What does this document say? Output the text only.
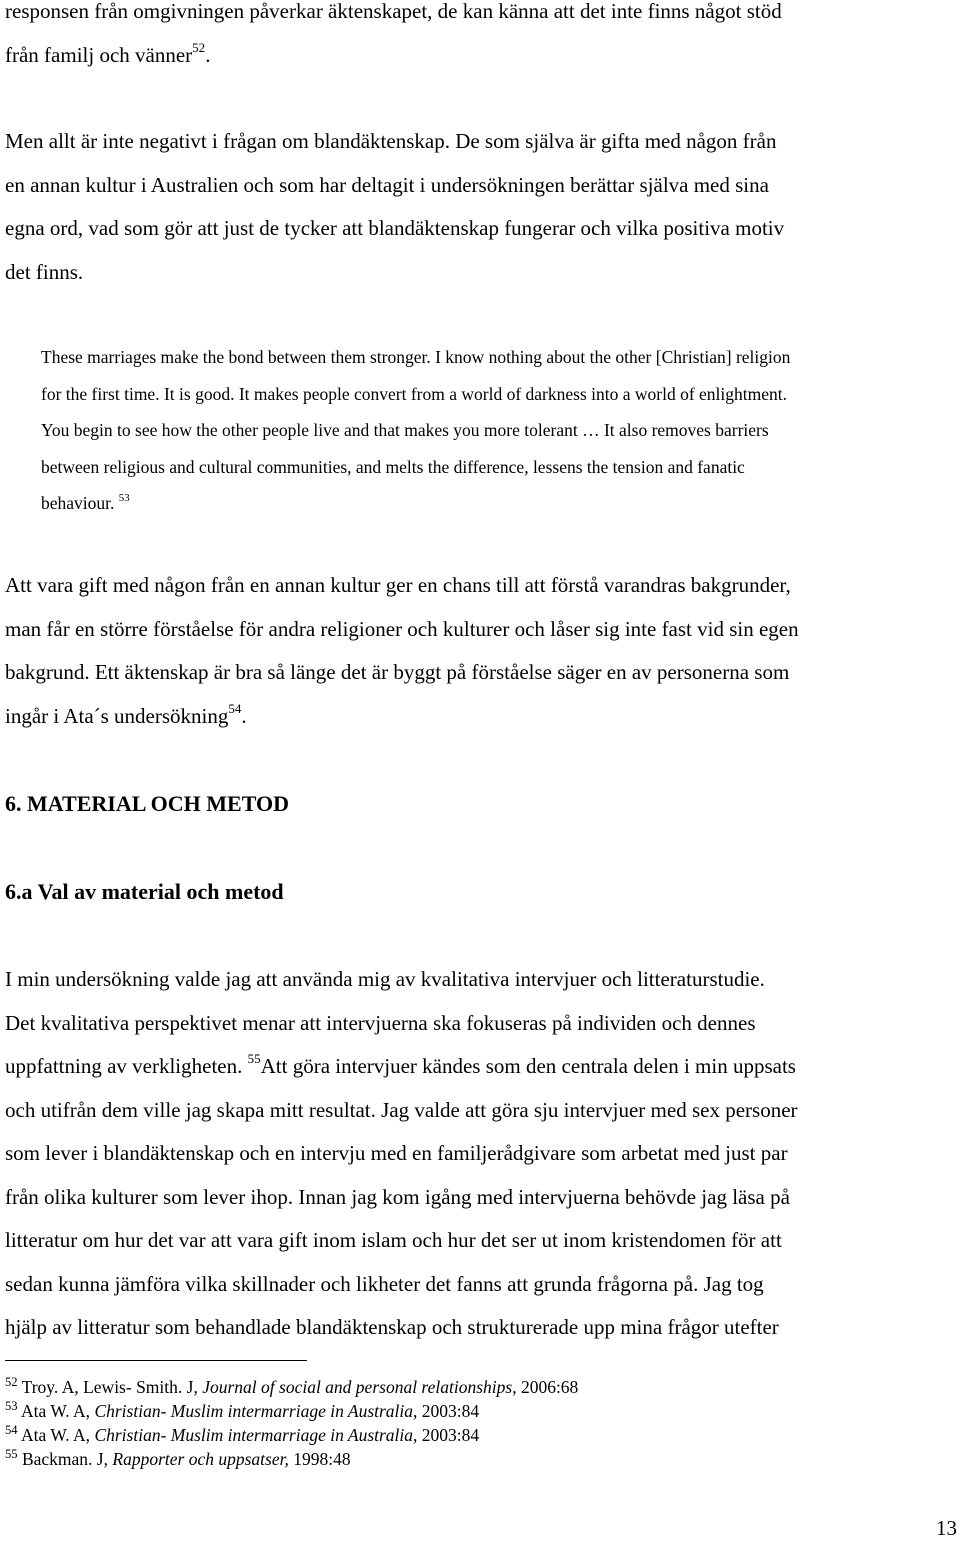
responsen från omgivningen påverkar äktenskapet, de kan känna att det inte finns något stöd
från familj och vänner$^{52}$.
Men allt är inte negativt i frågan om blandäktenskap. De som själva är gifta med någon från
en annan kultur i Australien och som har deltagit i undersökningen berättar själva med sina
egna ord, vad som gör att just de tycker att blandäktenskap fungerar och vilka positiva motiv
det finns.
These marriages make the bond between them stronger. I know nothing about the other [Christian] religion
for the first time. It is good. It makes people convert from a world of darkness into a world of enlightment.
You begin to see how the other people live and that makes you more tolerant … It also removes barriers
between religious and cultural communities, and melts the difference, lessens the tension and fanatic
behaviour. $^{53}$
Att vara gift med någon från en annan kultur ger en chans till att förstå varandras bakgrunder,
man får en större förståelse för andra religioner och kulturer och låser sig inte fast vid sin egen
bakgrund. Ett äktenskap är bra så länge det är byggt på förståelse säger en av personerna som
ingår i Ata´s undersökning$^{54}$.
6. MATERIAL OCH METOD
6.a Val av material och metod
I min undersökning valde jag att använda mig av kvalitativa intervjuer och litteraturstudie.
Det kvalitativa perspektivet menar att intervjuerna ska fokuseras på individen och dennes
uppfattning av verkligheten. $^{55}$Att göra intervjuer kändes som den centrala delen i min uppsats
och utifrån dem ville jag skapa mitt resultat. Jag valde att göra sju intervjuer med sex personer
som lever i blandäktenskap och en intervju med en familjerådgivare som arbetat med just par
från olika kulturer som lever ihop. Innan jag kom igång med intervjuerna behövde jag läsa på
litteratur om hur det var att vara gift inom islam och hur det ser ut inom kristendomen för att
sedan kunna jämföra vilka skillnader och likheter det fanns att grunda frågorna på. Jag tog
hjälp av litteratur som behandlade blandäktenskap och strukturerade upp mina frågor utefter
$^{52}$ Troy. A, Lewis- Smith. J, Journal of social and personal relationships, 2006:68
$^{53}$ Ata W. A, Christian- Muslim intermarriage in Australia, 2003:84
$^{54}$ Ata W. A, Christian- Muslim intermarriage in Australia, 2003:84
$^{55}$ Backman. J, Rapporter och uppsatser, 1998:48
13
